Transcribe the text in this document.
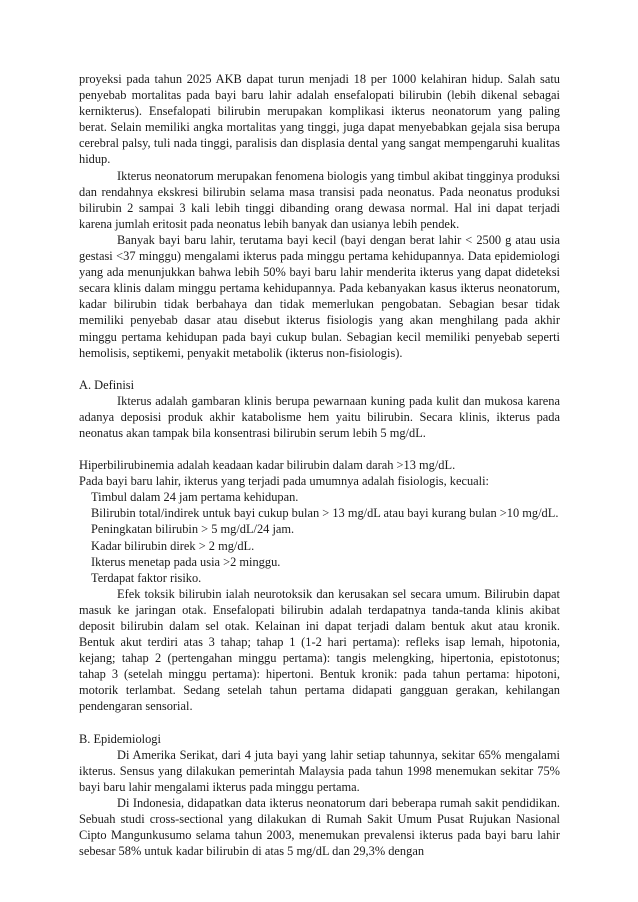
proyeksi pada tahun 2025 AKB dapat turun menjadi 18 per 1000 kelahiran hidup. Salah satu penyebab mortalitas pada bayi baru lahir adalah ensefalopati bilirubin (lebih dikenal sebagai kernikterus). Ensefalopati bilirubin merupakan komplikasi ikterus neonatorum yang paling berat. Selain memiliki angka mortalitas yang tinggi, juga dapat menyebabkan gejala sisa berupa cerebral palsy, tuli nada tinggi, paralisis dan displasia dental yang sangat mempengaruhi kualitas hidup.

Ikterus neonatorum merupakan fenomena biologis yang timbul akibat tingginya produksi dan rendahnya ekskresi bilirubin selama masa transisi pada neonatus. Pada neonatus produksi bilirubin 2 sampai 3 kali lebih tinggi dibanding orang dewasa normal. Hal ini dapat terjadi karena jumlah eritosit pada neonatus lebih banyak dan usianya lebih pendek.

Banyak bayi baru lahir, terutama bayi kecil (bayi dengan berat lahir < 2500 g atau usia gestasi <37 minggu) mengalami ikterus pada minggu pertama kehidupannya. Data epidemiologi yang ada menunjukkan bahwa lebih 50% bayi baru lahir menderita ikterus yang dapat dideteksi secara klinis dalam minggu pertama kehidupannya. Pada kebanyakan kasus ikterus neonatorum, kadar bilirubin tidak berbahaya dan tidak memerlukan pengobatan. Sebagian besar tidak memiliki penyebab dasar atau disebut ikterus fisiologis yang akan menghilang pada akhir minggu pertama kehidupan pada bayi cukup bulan. Sebagian kecil memiliki penyebab seperti hemolisis, septikemi, penyakit metabolik (ikterus non-fisiologis).

A. Definisi

Ikterus adalah gambaran klinis berupa pewarnaan kuning pada kulit dan mukosa karena adanya deposisi produk akhir katabolisme hem yaitu bilirubin. Secara klinis, ikterus pada neonatus akan tampak bila konsentrasi bilirubin serum lebih 5 mg/dL.

Hiperbilirubinemia adalah keadaan kadar bilirubin dalam darah >13 mg/dL.

Pada bayi baru lahir, ikterus yang terjadi pada umumnya adalah fisiologis, kecuali:

Timbul dalam 24 jam pertama kehidupan.

Bilirubin total/indirek untuk bayi cukup bulan > 13 mg/dL atau bayi kurang bulan >10 mg/dL.

Peningkatan bilirubin > 5 mg/dL/24 jam.

Kadar bilirubin direk > 2 mg/dL.

Ikterus menetap pada usia >2 minggu.

Terdapat faktor risiko.

Efek toksik bilirubin ialah neurotoksik dan kerusakan sel secara umum. Bilirubin dapat masuk ke jaringan otak. Ensefalopati bilirubin adalah terdapatnya tanda-tanda klinis akibat deposit bilirubin dalam sel otak. Kelainan ini dapat terjadi dalam bentuk akut atau kronik. Bentuk akut terdiri atas 3 tahap; tahap 1 (1-2 hari pertama): refleks isap lemah, hipotonia, kejang; tahap 2 (pertengahan minggu pertama): tangis melengking, hipertonia, epistotonus; tahap 3 (setelah minggu pertama): hipertoni. Bentuk kronik: pada tahun pertama: hipotoni, motorik terlambat. Sedang setelah tahun pertama didapati gangguan gerakan, kehilangan pendengaran sensorial.

B. Epidemiologi

Di Amerika Serikat, dari 4 juta bayi yang lahir setiap tahunnya, sekitar 65% mengalami ikterus. Sensus yang dilakukan pemerintah Malaysia pada tahun 1998 menemukan sekitar 75% bayi baru lahir mengalami ikterus pada minggu pertama.

Di Indonesia, didapatkan data ikterus neonatorum dari beberapa rumah sakit pendidikan. Sebuah studi cross-sectional yang dilakukan di Rumah Sakit Umum Pusat Rujukan Nasional Cipto Mangunkusumo selama tahun 2003, menemukan prevalensi ikterus pada bayi baru lahir sebesar 58% untuk kadar bilirubin di atas 5 mg/dL dan 29,3% dengan
